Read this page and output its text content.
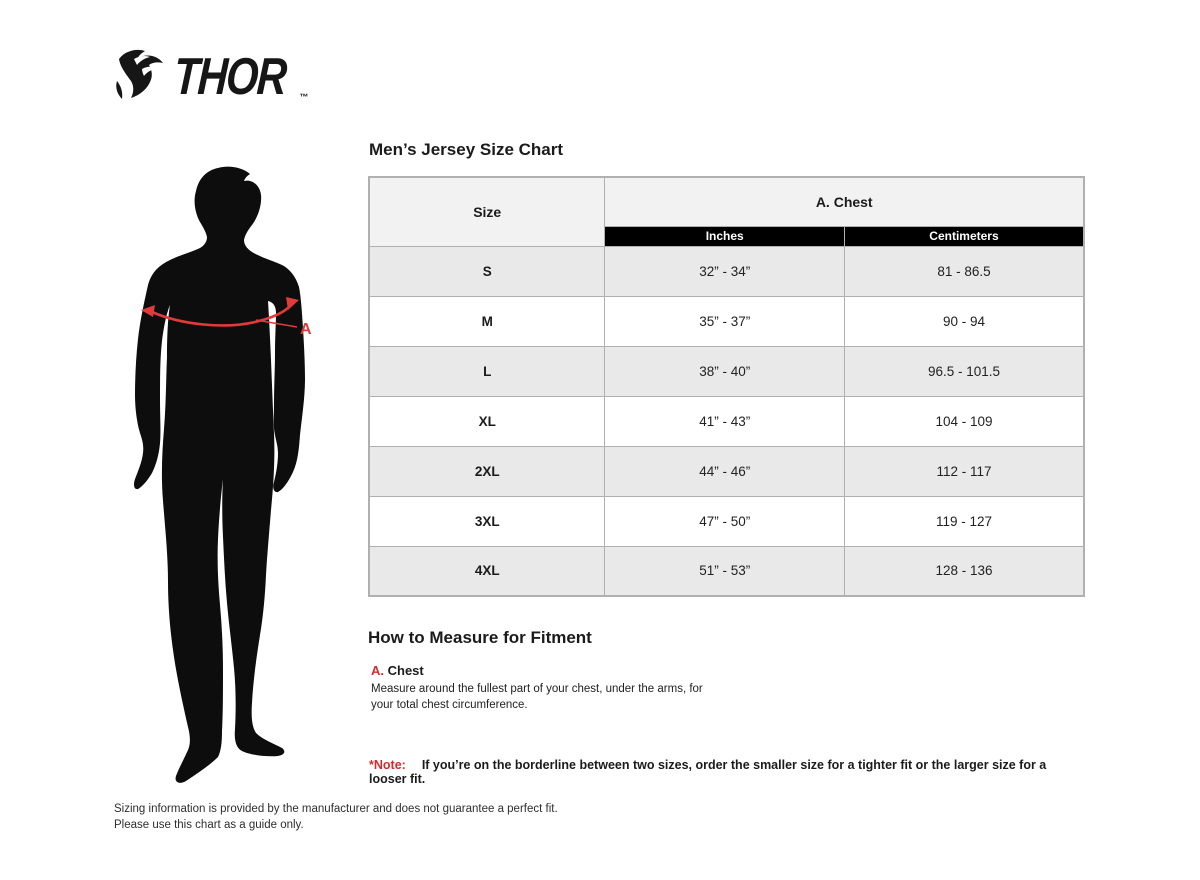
THOR ™
A
Men’s Jersey Size Chart
Size	A. Chest	
	Inches	Centimeters
S	32” - 34”	81 - 86.5
M	35” - 37”	90 - 94
L	38” - 40”	96.5 - 101.5
XL	41” - 43”	104 - 109
2XL	44” - 46”	112 - 117
3XL	47” - 50”	119 - 127
4XL	51” - 53”	128 - 136
How to Measure for Fitment
A. Chest

Measure around the fullest part of your chest, under the arms, for your total chest circumference.

*Note: If you’re on the borderline between two sizes, order the smaller size for a tighter fit or the larger size for a looser fit.

Sizing information is provided by the manufacturer and does not guarantee a perfect fit.
Please use this chart as a guide only.
